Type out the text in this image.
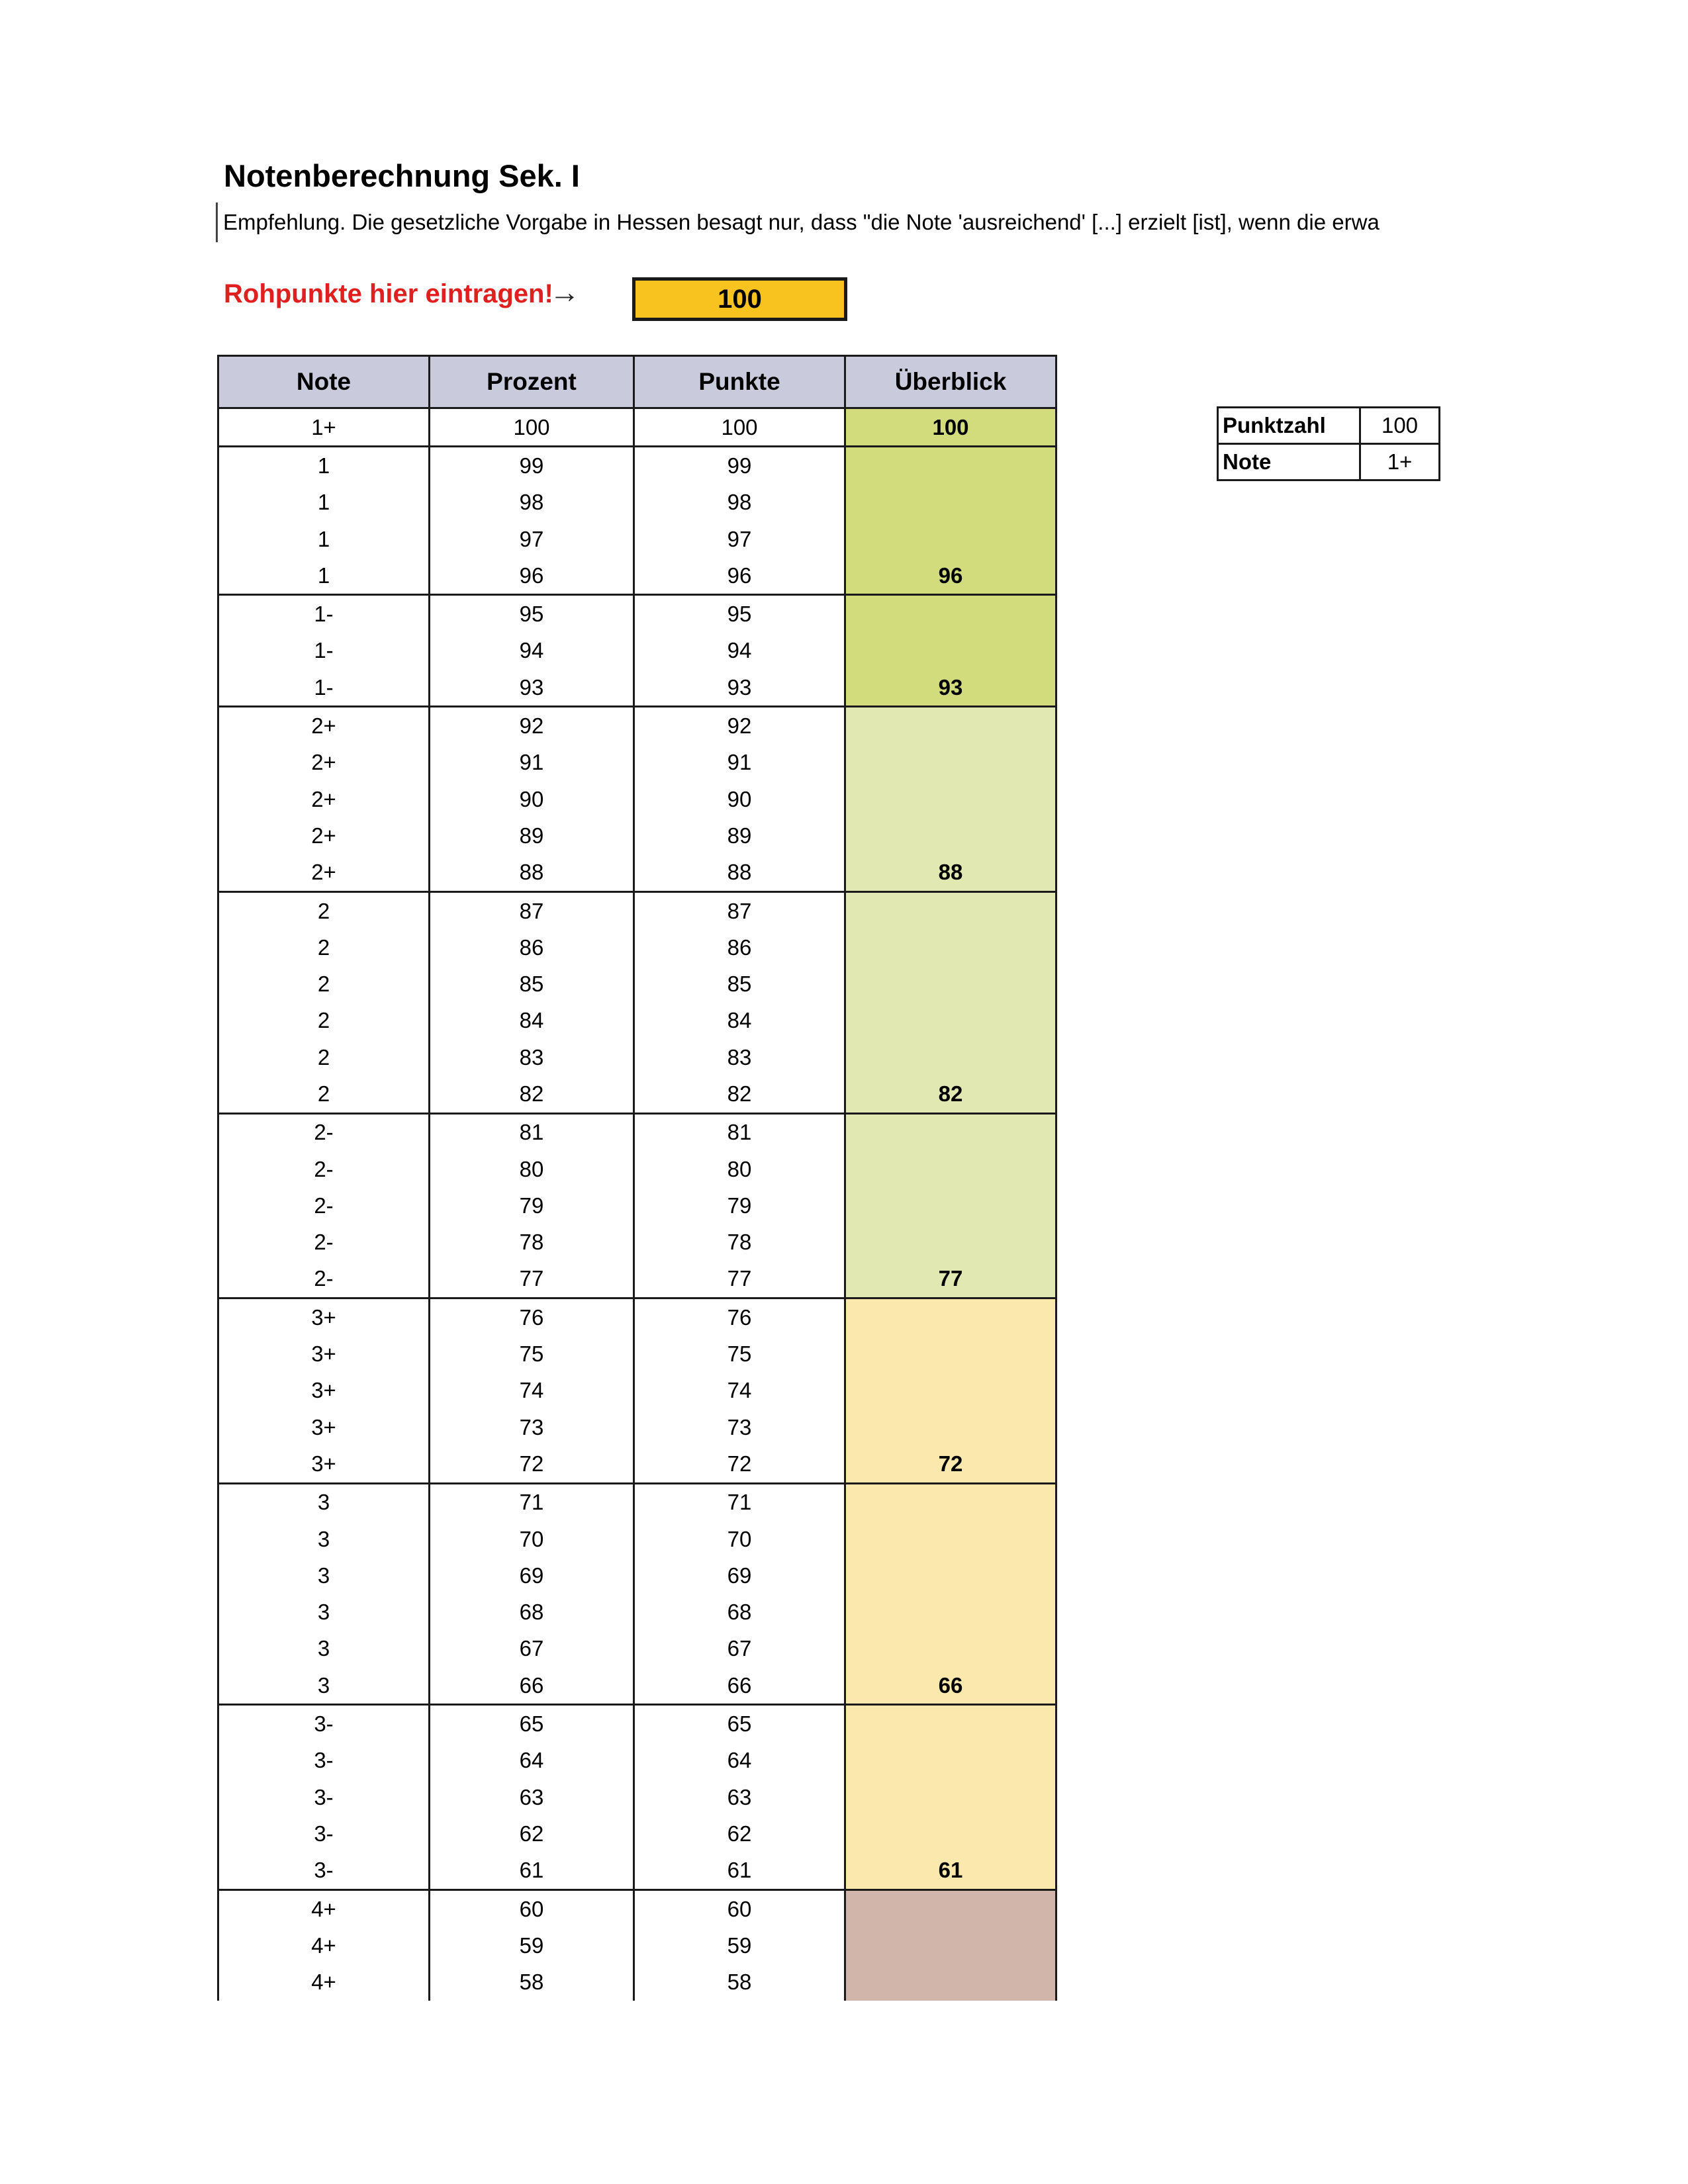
Notenberechnung Sek. I
Empfehlung. Die gesetzliche Vorgabe in Hessen besagt nur, dass "die Note 'ausreichend' [...] erzielt [ist], wenn die erwa
Rohpunkte hier eintragen!
→	100
Note	Prozent	Punkte	Überblick
1+	100	100	100
1	99	99	
1	98	98	
1	97	97	
1	96	96	96
1-	95	95	
1-	94	94	
1-	93	93	93
2+	92	92	
2+	91	91	
2+	90	90	
2+	89	89	
2+	88	88	88
2	87	87	
2	86	86	
2	85	85	
2	84	84	
2	83	83	
2	82	82	82
2-	81	81	
2-	80	80	
2-	79	79	
2-	78	78	
2-	77	77	77
3+	76	76	
3+	75	75	
3+	74	74	
3+	73	73	
3+	72	72	72
3	71	71	
3	70	70	
3	69	69	
3	68	68	
3	67	67	
3	66	66	66
3-	65	65	
3-	64	64	
3-	63	63	
3-	62	62	
3-	61	61	61
4+	60	60	
4+	59	59	
4+	58	58	
Punktzahl	100
Note	1+
